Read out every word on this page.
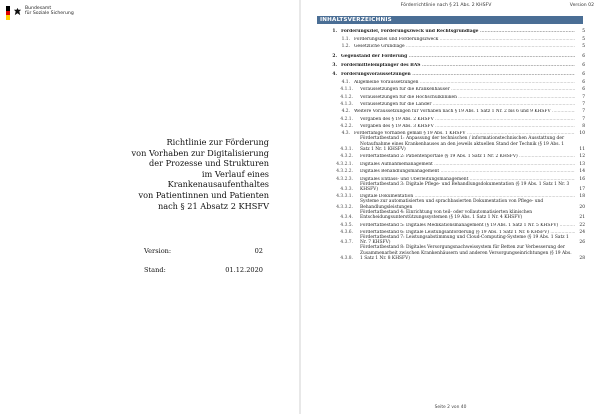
Bundesamt
für Soziale Sicherung
Richtlinie zur Förderung
von Vorhaben zur Digitalisierung
der Prozesse und Strukturen
im Verlauf eines
Krankenausaufenthaltes
von Patientinnen und Patienten
nach § 21 Absatz 2 KHSFV
Version:	02
Stand:	01.12.2020
Förderrichtlinie nach § 21 Abs. 2 KHSFV	Version 02
INHALTSVERZEICHNIS
1. Förderungsziel, Förderungszweck und Rechtsgrundlage .....	5
1.1. Förderungsziel und Förderungszweck .....	5
1.2. Gesetzliche Grundlage .....	5
2. Gegenstand der Förderung .....	6
3. Fördermittelempfänger des BAS .....	6
4. Förderungsvoraussetzungen .....	6
4.1. Allgemeine Voraussetzungen .....	6
4.1.1.	Voraussetzungen für die Krankenhäuser .....	6
4.1.2.	Voraussetzungen für die Hochschulkliniken .....	7
4.1.3.	Voraussetzungen für die Länder .....	7
4.2. Weitere Voraussetzungen für Vorhaben nach § 19 Abs. 1 Satz 1 Nr. 2 bis 6 und 9 KHSFV .....	7
4.2.1.	Vorgaben des § 19 Abs. 2 KHSFV .....	7
4.2.2.	Vorgaben des § 19 Abs. 3 KHSFV .....	8
4.3. Förderfähige Vorhaben gemäß § 19 Abs. 1 KHSFV .....	10
4.3.1.
Fördertatbestand 1: Anpassung der technischen / informationstechnischen Ausstattung der Notaufnahme eines Krankenhauses an den jeweils aktuellen Stand der Technik (§ 19 Abs. 1 Satz 1 Nr. 1 KHSFV)	11
4.3.2.	Fördertatbestand 2: Patientenportale (§ 19 Abs. 1 Satz 1 Nr. 2 KHSFV) .....	12
4.3.2.1.	Digitales Aufnahmemanagement .....	13
4.3.2.2.	Digitales Behandlungsmanagement .....	14
4.3.2.3.	Digitales Entlass- und Überleitungsmanagement .....	16
4.3.3.
Fördertatbestand 3: Digitale Pflege- und Behandlungsdokumentation (§ 19 Abs. 1 Satz 1 Nr. 3 KHSFV)	17
4.3.3.1.	Digitale Dokumentation .....	18
4.3.3.2.
Systeme zur automatisierten und sprachbasierten Dokumentation von Pflege- und Behandlungsleistungen	20
4.3.4.
Fördertatbestand 4: Einrichtung von teil- oder vollautomatisierten klinischen Entscheidungsunterstützungssystemen (§ 19 Abs. 1 Satz 1 Nr. 4 KHSFV)	21
4.3.5.	Fördertatbestand 5: Digitales Medikationsmanagement (§ 19 Abs. 1 Satz 1 Nr. 5 KHSFV) .....	22
4.3.6.	Fördertatbestand 6: Digitale Leistungsanforderung (§ 19 Abs. 1 Satz 1 Nr. 6 KHSFV) .....	24
4.3.7.
Fördertatbestand 7: Leistungsabstimmung und Cloud-Computing-Systeme (§ 19 Abs. 1 Satz 1 Nr. 7 KHSFV)	26
4.3.8.
Fördertatbestand 8: Digitales Versorgungsnachweissystem für Betten zur Verbesserung der Zusammenarbeit zwischen Krankenhäusern und anderen Versorgungseinrichtungen (§ 19 Abs. 1 Satz 1 Nr. 8 KHSFV)	28
Seite 2 von 40
